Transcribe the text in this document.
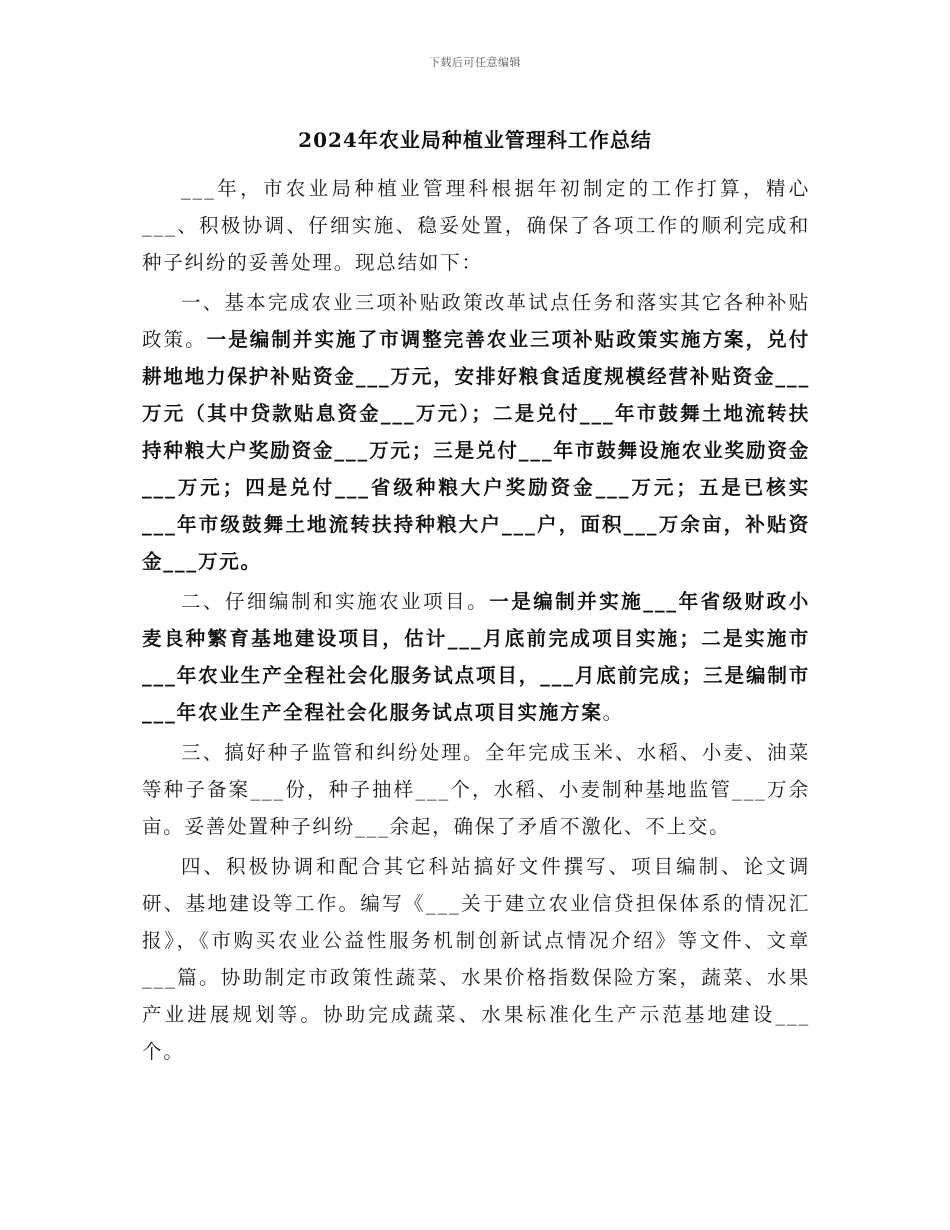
下载后可任意编辑
2024年农业局种植业管理科工作总结

___年，市农业局种植业管理科根据年初制定的工作打算，精心___、积极协调、仔细实施、稳妥处置，确保了各项工作的顺利完成和种子纠纷的妥善处理。现总结如下：

一、基本完成农业三项补贴政策改革试点任务和落实其它各种补贴政策。一是编制并实施了市调整完善农业三项补贴政策实施方案，兑付耕地地力保护补贴资金___万元，安排好粮食适度规模经营补贴资金___万元（其中贷款贴息资金___万元）；二是兑付___年市鼓舞土地流转扶持种粮大户奖励资金___万元；三是兑付___年市鼓舞设施农业奖励资金___万元；四是兑付___省级种粮大户奖励资金___万元；五是已核实___年市级鼓舞土地流转扶持种粮大户___户，面积___万余亩，补贴资金___万元。

二、仔细编制和实施农业项目。一是编制并实施___年省级财政小麦良种繁育基地建设项目，估计___月底前完成项目实施；二是实施市___年农业生产全程社会化服务试点项目，___月底前完成；三是编制市___年农业生产全程社会化服务试点项目实施方案。

三、搞好种子监管和纠纷处理。全年完成玉米、水稻、小麦、油菜等种子备案___份，种子抽样___个，水稻、小麦制种基地监管___万余亩。妥善处置种子纠纷___余起，确保了矛盾不激化、不上交。

四、积极协调和配合其它科站搞好文件撰写、项目编制、论文调研、基地建设等工作。编写《___关于建立农业信贷担保体系的情况汇报》，《市购买农业公益性服务机制创新试点情况介绍》等文件、文章___篇。协助制定市政策性蔬菜、水果价格指数保险方案，蔬菜、水果产业进展规划等。协助完成蔬菜、水果标准化生产示范基地建设___个。
